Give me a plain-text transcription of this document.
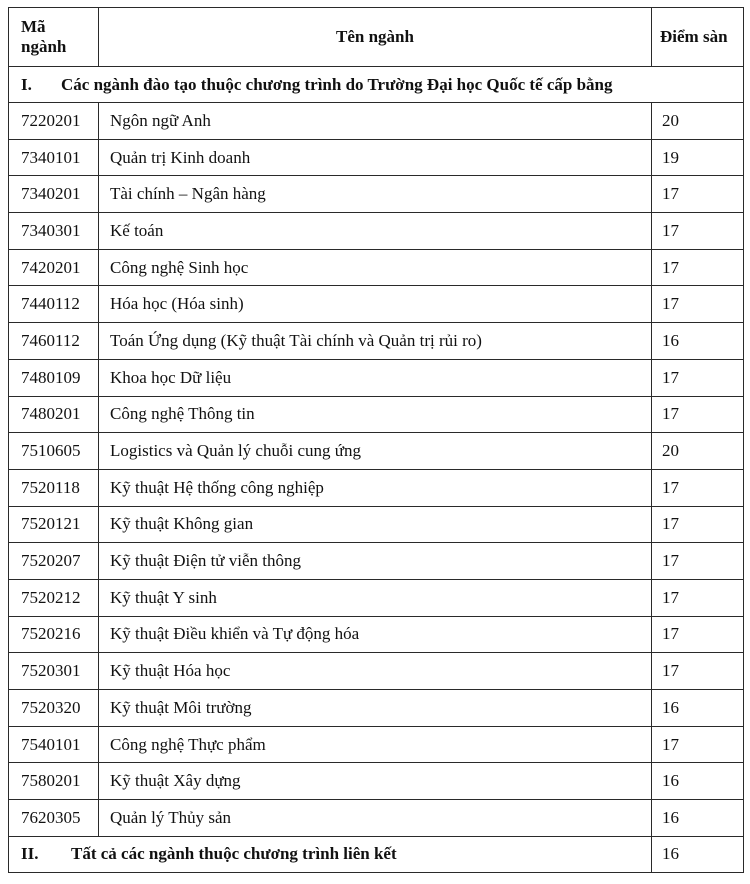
Mã
ngành	Tên ngành	Điểm sàn
I. Các ngành đào tạo thuộc chương trình do Trường Đại học Quốc tế cấp bằng		
7220201	Ngôn ngữ Anh	20
7340101	Quản trị Kinh doanh	19
7340201	Tài chính – Ngân hàng	17
7340301	Kế toán	17
7420201	Công nghệ Sinh học	17
7440112	Hóa học (Hóa sinh)	17
7460112	Toán Ứng dụng (Kỹ thuật Tài chính và Quản trị rủi ro)	16
7480109	Khoa học Dữ liệu	17
7480201	Công nghệ Thông tin	17
7510605	Logistics và Quản lý chuỗi cung ứng	20
7520118	Kỹ thuật Hệ thống công nghiệp	17
7520121	Kỹ thuật Không gian	17
7520207	Kỹ thuật Điện tử viễn thông	17
7520212	Kỹ thuật Y sinh	17
7520216	Kỹ thuật Điều khiển và Tự động hóa	17
7520301	Kỹ thuật Hóa học	17
7520320	Kỹ thuật Môi trường	16
7540101	Công nghệ Thực phẩm	17
7580201	Kỹ thuật Xây dựng	16
7620305	Quản lý Thủy sản	16
II. Tất cả các ngành thuộc chương trình liên kết		16
